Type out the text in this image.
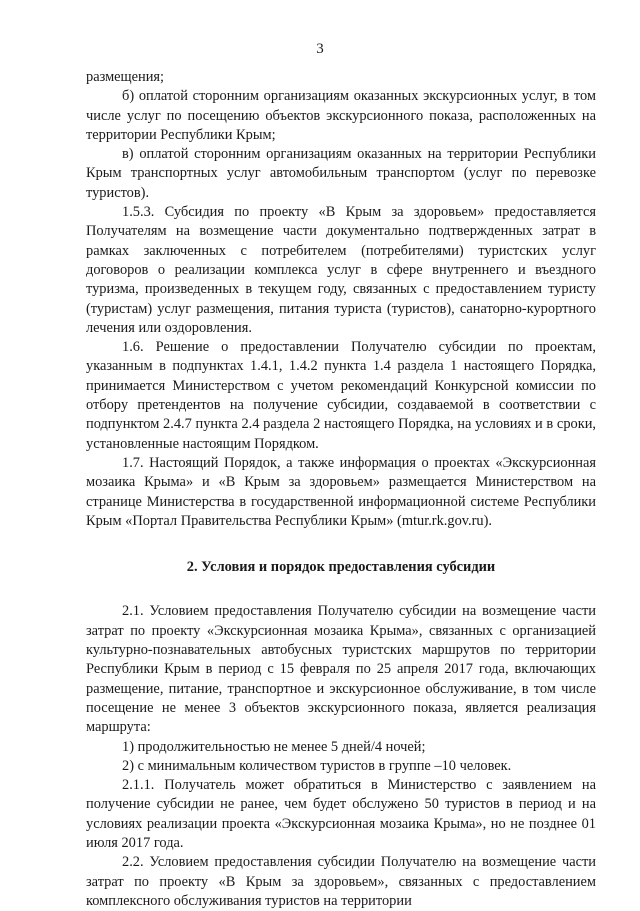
3

размещения;

б) оплатой сторонним организациям оказанных экскурсионных услуг, в том числе услуг по посещению объектов экскурсионного показа, расположенных на территории Республики Крым;

в) оплатой сторонним организациям оказанных на территории Республики Крым транспортных услуг автомобильным транспортом (услуг по перевозке туристов).

1.5.3. Субсидия по проекту «В Крым за здоровьем» предоставляется Получателям на возмещение части документально подтвержденных затрат в рамках заключенных с потребителем (потребителями) туристских услуг договоров о реализации комплекса услуг в сфере внутреннего и въездного туризма, произведенных в текущем году, связанных с предоставлением туристу (туристам) услуг размещения, питания туриста (туристов), санаторно-курортного лечения или оздоровления.

1.6. Решение о предоставлении Получателю субсидии по проектам, указанным в подпунктах 1.4.1, 1.4.2 пункта 1.4 раздела 1 настоящего Порядка, принимается Министерством с учетом рекомендаций Конкурсной комиссии по отбору претендентов на получение субсидии, создаваемой в соответствии с подпунктом 2.4.7 пункта 2.4 раздела 2 настоящего Порядка, на условиях и в сроки, установленные настоящим Порядком.

1.7. Настоящий Порядок, а также информация о проектах «Экскурсионная мозаика Крыма» и «В Крым за здоровьем» размещается Министерством на странице Министерства в государственной информационной системе Республики Крым «Портал Правительства Республики Крым» (mtur.rk.gov.ru).

2. Условия и порядок предоставления субсидии

2.1. Условием предоставления Получателю субсидии на возмещение части затрат по проекту «Экскурсионная мозаика Крыма», связанных с организацией культурно-познавательных автобусных туристских маршрутов по территории Республики Крым в период с 15 февраля по 25 апреля 2017 года, включающих размещение, питание, транспортное и экскурсионное обслуживание, в том числе посещение не менее 3 объектов экскурсионного показа, является реализация маршрута:

1) продолжительностью не менее 5 дней/4 ночей;

2) с минимальным количеством туристов в группе –10 человек.

2.1.1. Получатель может обратиться в Министерство с заявлением на получение субсидии не ранее, чем будет обслужено 50 туристов в период и на условиях реализации проекта «Экскурсионная мозаика Крыма», но не позднее 01 июля 2017 года.

2.2. Условием предоставления субсидии Получателю на возмещение части затрат по проекту «В Крым за здоровьем», связанных с предоставлением комплексного обслуживания туристов на территории
